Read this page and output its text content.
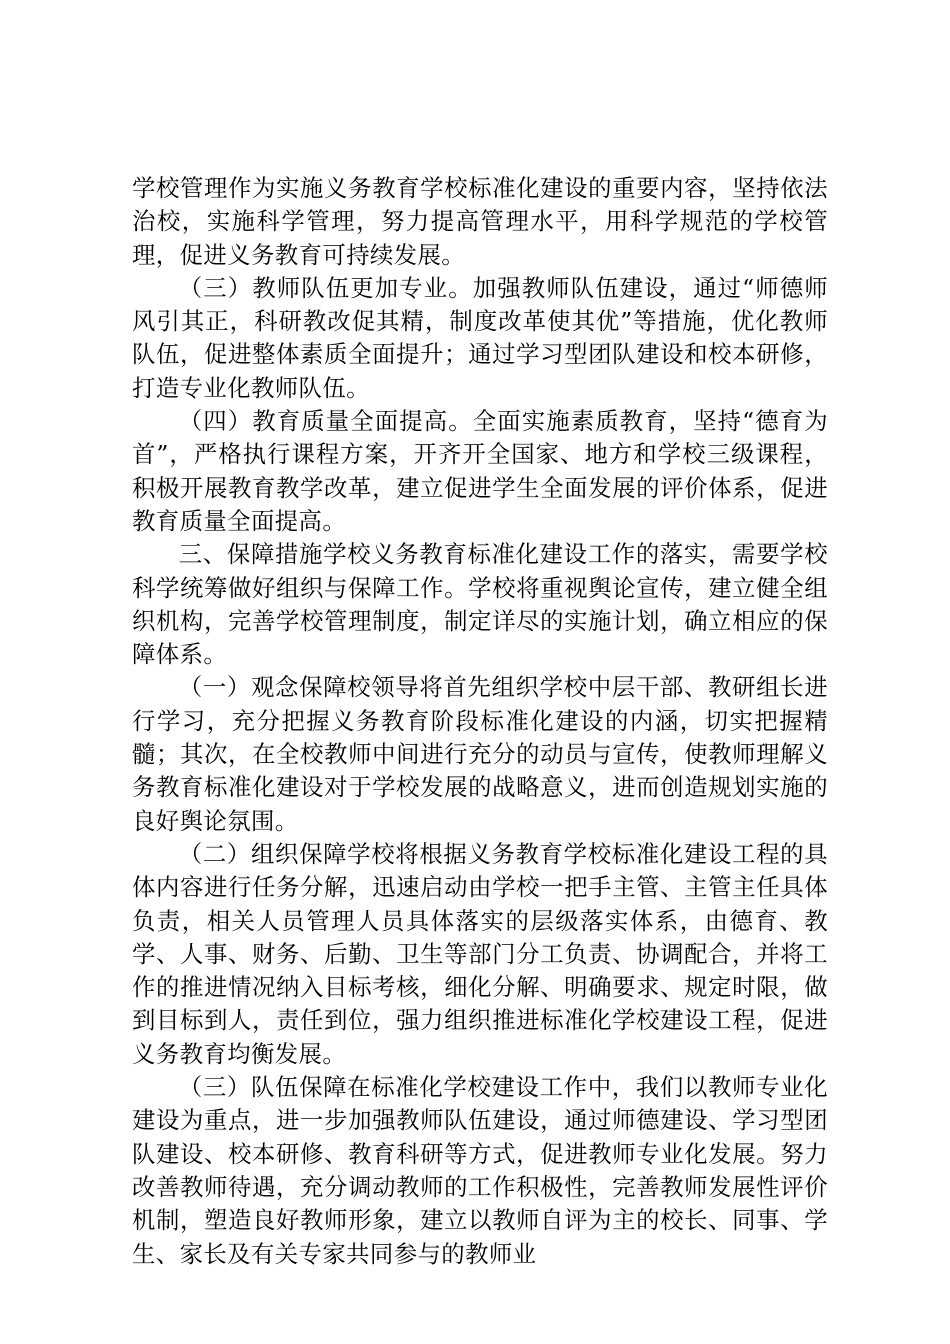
学校管理作为实施义务教育学校标准化建设的重要内容，坚持依法治校，实施科学管理，努力提高管理水平，用科学规范的学校管理，促进义务教育可持续发展。

（三）教师队伍更加专业。加强教师队伍建设，通过“师德师风引其正，科研教改促其精，制度改革使其优”等措施，优化教师队伍，促进整体素质全面提升；通过学习型团队建设和校本研修，打造专业化教师队伍。

（四）教育质量全面提高。全面实施素质教育，坚持“德育为首”，严格执行课程方案，开齐开全国家、地方和学校三级课程，积极开展教育教学改革，建立促进学生全面发展的评价体系，促进教育质量全面提高。

三、保障措施学校义务教育标准化建设工作的落实，需要学校科学统筹做好组织与保障工作。学校将重视舆论宣传，建立健全组织机构，完善学校管理制度，制定详尽的实施计划，确立相应的保障体系。

（一）观念保障校领导将首先组织学校中层干部、教研组长进行学习，充分把握义务教育阶段标准化建设的内涵，切实把握精髓；其次，在全校教师中间进行充分的动员与宣传，使教师理解义务教育标准化建设对于学校发展的战略意义，进而创造规划实施的良好舆论氛围。

（二）组织保障学校将根据义务教育学校标准化建设工程的具体内容进行任务分解，迅速启动由学校一把手主管、主管主任具体负责，相关人员管理人员具体落实的层级落实体系，由德育、教学、人事、财务、后勤、卫生等部门分工负责、协调配合，并将工作的推进情况纳入目标考核，细化分解、明确要求、规定时限，做到目标到人，责任到位，强力组织推进标准化学校建设工程，促进义务教育均衡发展。

（三）队伍保障在标准化学校建设工作中，我们以教师专业化建设为重点，进一步加强教师队伍建设，通过师德建设、学习型团队建设、校本研修、教育科研等方式，促进教师专业化发展。努力改善教师待遇，充分调动教师的工作积极性，完善教师发展性评价机制，塑造良好教师形象，建立以教师自评为主的校长、同事、学生、家长及有关专家共同参与的教师业
